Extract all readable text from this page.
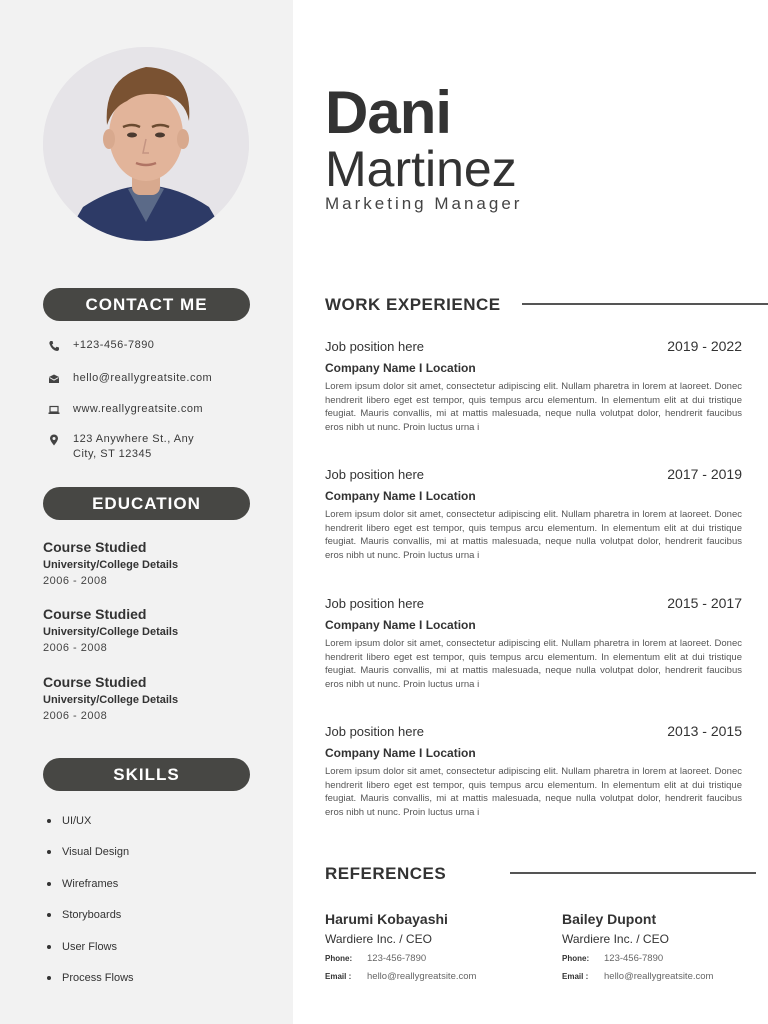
CONTACT ME
+123-456-7890
hello@reallygreatsite.com
www.reallygreatsite.com
123 Anywhere St., Any
City, ST 12345
EDUCATION
Course Studied
University/College Details
2006 - 2008
Course Studied
University/College Details
2006 - 2008
Course Studied
University/College Details
2006 - 2008
SKILLS
UI/UX
Visual Design
Wireframes
Storyboards
User Flows
Process Flows
Dani
Martinez
Marketing Manager
WORK EXPERIENCE
Job position here	2019 - 2022
Company Name I Location
Lorem ipsum dolor sit amet, consectetur adipiscing elit. Nullam pharetra in lorem at laoreet. Donec hendrerit libero eget est tempor, quis tempus arcu elementum. In elementum elit at dui tristique feugiat. Mauris convallis, mi at mattis malesuada, neque nulla volutpat dolor, hendrerit faucibus eros nibh ut nunc. Proin luctus urna i
Job position here	2017 - 2019
Company Name I Location
Lorem ipsum dolor sit amet, consectetur adipiscing elit. Nullam pharetra in lorem at laoreet. Donec hendrerit libero eget est tempor, quis tempus arcu elementum. In elementum elit at dui tristique feugiat. Mauris convallis, mi at mattis malesuada, neque nulla volutpat dolor, hendrerit faucibus eros nibh ut nunc. Proin luctus urna i
Job position here	2015 - 2017
Company Name I Location
Lorem ipsum dolor sit amet, consectetur adipiscing elit. Nullam pharetra in lorem at laoreet. Donec hendrerit libero eget est tempor, quis tempus arcu elementum. In elementum elit at dui tristique feugiat. Mauris convallis, mi at mattis malesuada, neque nulla volutpat dolor, hendrerit faucibus eros nibh ut nunc. Proin luctus urna i
Job position here	2013 - 2015
Company Name I Location
Lorem ipsum dolor sit amet, consectetur adipiscing elit. Nullam pharetra in lorem at laoreet. Donec hendrerit libero eget est tempor, quis tempus arcu elementum. In elementum elit at dui tristique feugiat. Mauris convallis, mi at mattis malesuada, neque nulla volutpat dolor, hendrerit faucibus eros nibh ut nunc. Proin luctus urna i
REFERENCES
Harumi Kobayashi
Wardiere Inc. / CEO
Phone:	123-456-7890
Email :	hello@reallygreatsite.com
Bailey Dupont
Wardiere Inc. / CEO
Phone:	123-456-7890
Email :	hello@reallygreatsite.com
